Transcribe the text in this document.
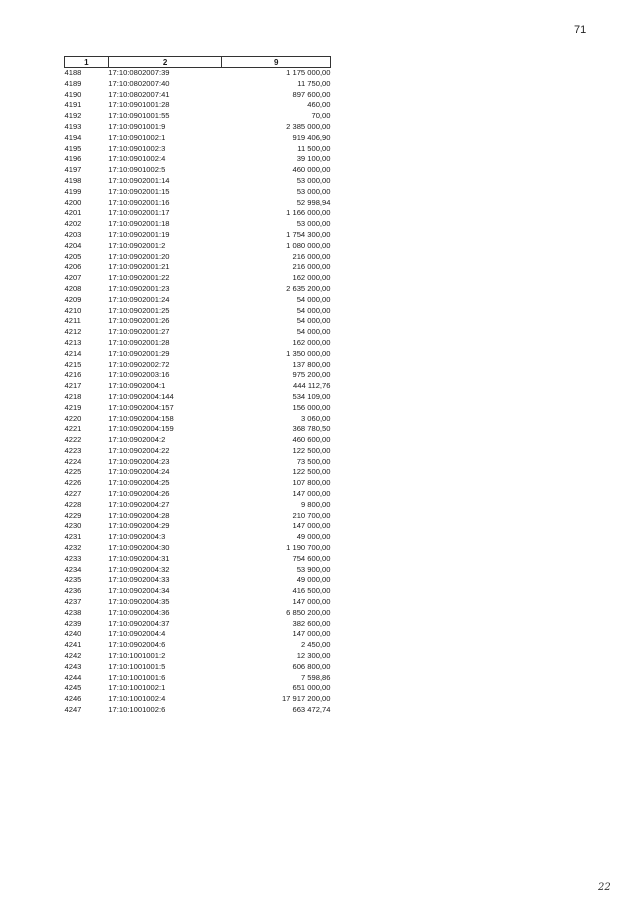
71
1	2	9
4188	17:10:0802007:39	1 175 000,00
4189	17:10:0802007:40	11 750,00
4190	17:10:0802007:41	897 600,00
4191	17:10:0901001:28	460,00
4192	17:10:0901001:55	70,00
4193	17:10:0901001:9	2 385 000,00
4194	17:10:0901002:1	919 406,90
4195	17:10:0901002:3	11 500,00
4196	17:10:0901002:4	39 100,00
4197	17:10:0901002:5	460 000,00
4198	17:10:0902001:14	53 000,00
4199	17:10:0902001:15	53 000,00
4200	17:10:0902001:16	52 998,94
4201	17:10:0902001:17	1 166 000,00
4202	17:10:0902001:18	53 000,00
4203	17:10:0902001:19	1 754 300,00
4204	17:10:0902001:2	1 080 000,00
4205	17:10:0902001:20	216 000,00
4206	17:10:0902001:21	216 000,00
4207	17:10:0902001:22	162 000,00
4208	17:10:0902001:23	2 635 200,00
4209	17:10:0902001:24	54 000,00
4210	17:10:0902001:25	54 000,00
4211	17:10:0902001:26	54 000,00
4212	17:10:0902001:27	54 000,00
4213	17:10:0902001:28	162 000,00
4214	17:10:0902001:29	1 350 000,00
4215	17:10:0902002:72	137 800,00
4216	17:10:0902003:16	975 200,00
4217	17:10:0902004:1	444 112,76
4218	17:10:0902004:144	534 109,00
4219	17:10:0902004:157	156 000,00
4220	17:10:0902004:158	3 060,00
4221	17:10:0902004:159	368 780,50
4222	17:10:0902004:2	460 600,00
4223	17:10:0902004:22	122 500,00
4224	17:10:0902004:23	73 500,00
4225	17:10:0902004:24	122 500,00
4226	17:10:0902004:25	107 800,00
4227	17:10:0902004:26	147 000,00
4228	17:10:0902004:27	9 800,00
4229	17:10:0902004:28	210 700,00
4230	17:10:0902004:29	147 000,00
4231	17:10:0902004:3	49 000,00
4232	17:10:0902004:30	1 190 700,00
4233	17:10:0902004:31	754 600,00
4234	17:10:0902004:32	53 900,00
4235	17:10:0902004:33	49 000,00
4236	17:10:0902004:34	416 500,00
4237	17:10:0902004:35	147 000,00
4238	17:10:0902004:36	6 850 200,00
4239	17:10:0902004:37	382 600,00
4240	17:10:0902004:4	147 000,00
4241	17:10:0902004:6	2 450,00
4242	17:10:1001001:2	12 300,00
4243	17:10:1001001:5	606 800,00
4244	17:10:1001001:6	7 598,86
4245	17:10:1001002:1	651 000,00
4246	17:10:1001002:4	17 917 200,00
4247	17:10:1001002:6	663 472,74
22
